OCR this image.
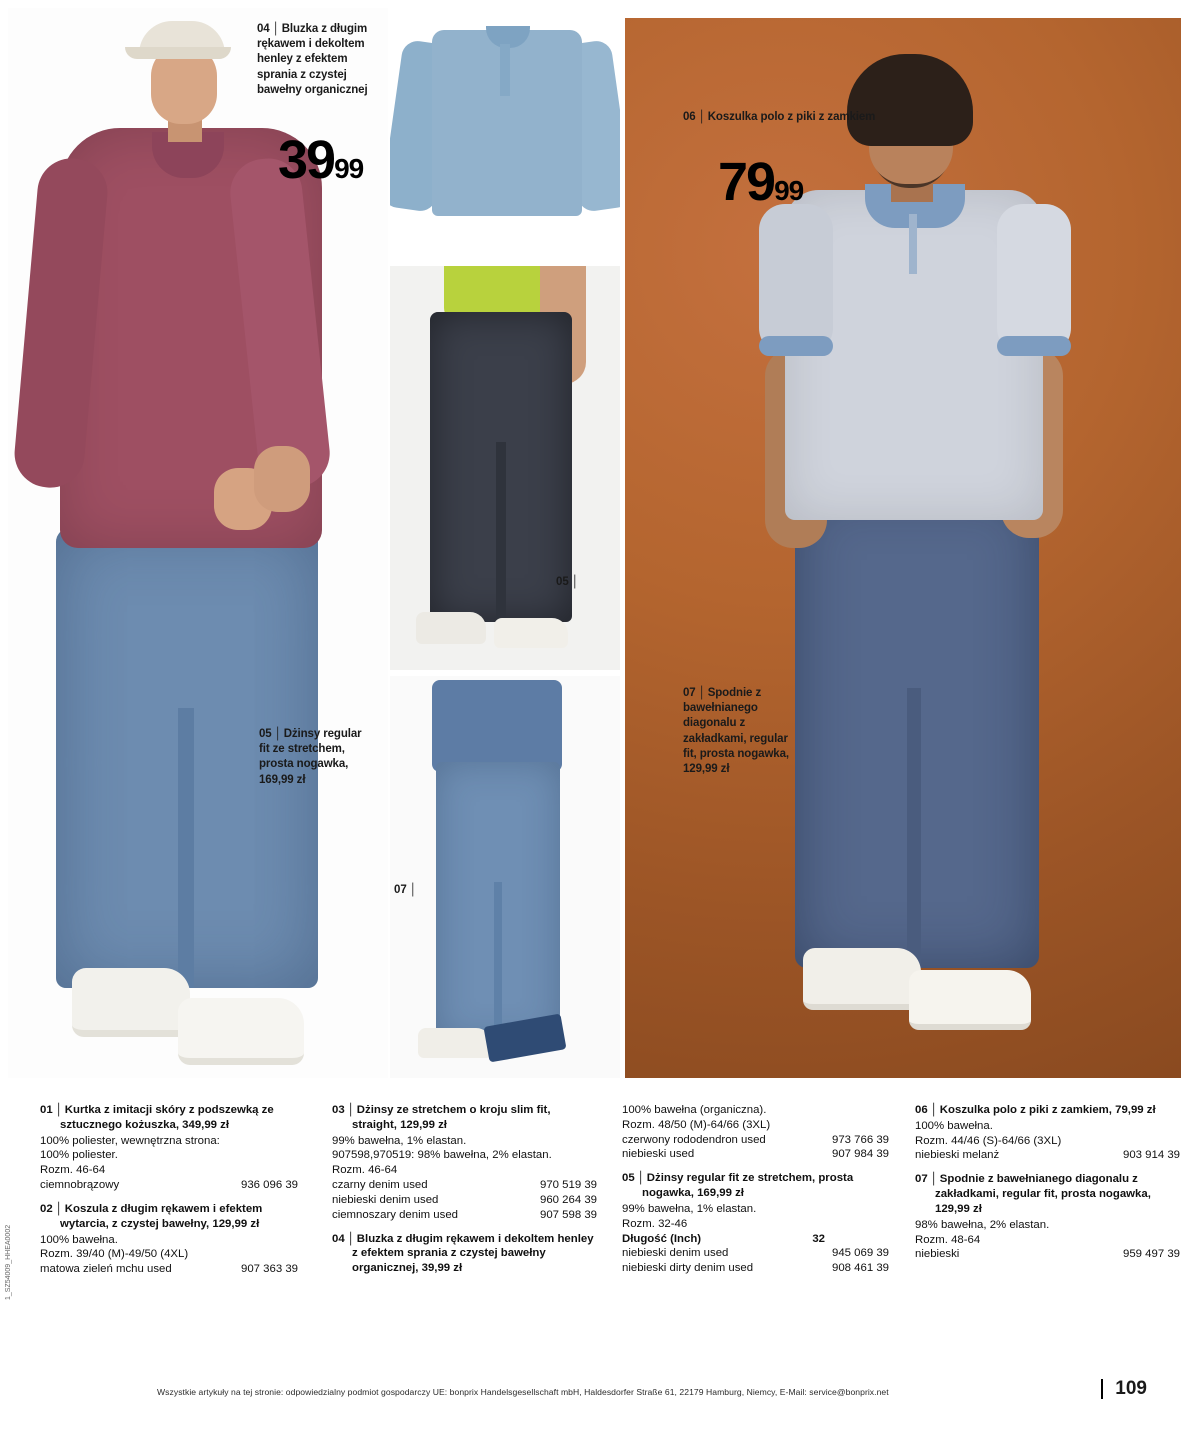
05 │
07 │
04 │ Bluzka z długim rękawem i dekoltem henley z efektem sprania z czystej bawełny organicznej
3999
05 │ Dżinsy regular fit ze stretchem, prosta nogawka, 169,99 zł
06 │ Koszulka polo z piki z zamkiem
7999
07 │ Spodnie z bawełnianego diagonalu z zakładkami, regular fit, prosta nogawka, 129,99 zł
01 │ Kurtka z imitacji skóry z podszewką ze sztucznego kożuszka, 349,99 zł
100% poliester, wewnętrzna strona:
100% poliester.
Rozm. 46-64
ciemnobrązowy	936 096 39
02 │ Koszula z długim rękawem i efektem wytarcia, z czystej bawełny, 129,99 zł
100% bawełna.
Rozm. 39/40 (M)-49/50 (4XL)
matowa zieleń mchu used	907 363 39
03 │ Dżinsy ze stretchem o kroju slim fit, straight, 129,99 zł
99% bawełna, 1% elastan.
907598,970519: 98% bawełna, 2% elastan.
Rozm. 46-64
czarny denim used	970 519 39
niebieski denim used	960 264 39
ciemnoszary denim used	907 598 39
04 │ Bluzka z długim rękawem i dekoltem henley z efektem sprania z czystej bawełny organicznej, 39,99 zł
100% bawełna (organiczna).
Rozm. 48/50 (M)-64/66 (3XL)
czerwony rododendron used	973 766 39
niebieski used	907 984 39
05 │ Dżinsy regular fit ze stretchem, prosta nogawka, 169,99 zł
99% bawełna, 1% elastan.
Rozm. 32-46
Długość (Inch)	32
niebieski denim used	945 069 39
niebieski dirty denim used	908 461 39
06 │ Koszulka polo z piki z zamkiem, 79,99 zł
100% bawełna.
Rozm. 44/46 (S)-64/66 (3XL)
niebieski melanż	903 914 39
07 │ Spodnie z bawełnianego diagonalu z zakładkami, regular fit, prosta nogawka, 129,99 zł
98% bawełna, 2% elastan.
Rozm. 48-64
niebieski	959 497 39
Wszystkie artykuły na tej stronie: odpowiedzialny podmiot gospodarczy UE: bonprix Handelsgesellschaft mbH, Haldesdorfer Straße 61, 22179 Hamburg, Niemcy, E-Mail: service@bonprix.net	109
1_SZ54009_HHEA0002
